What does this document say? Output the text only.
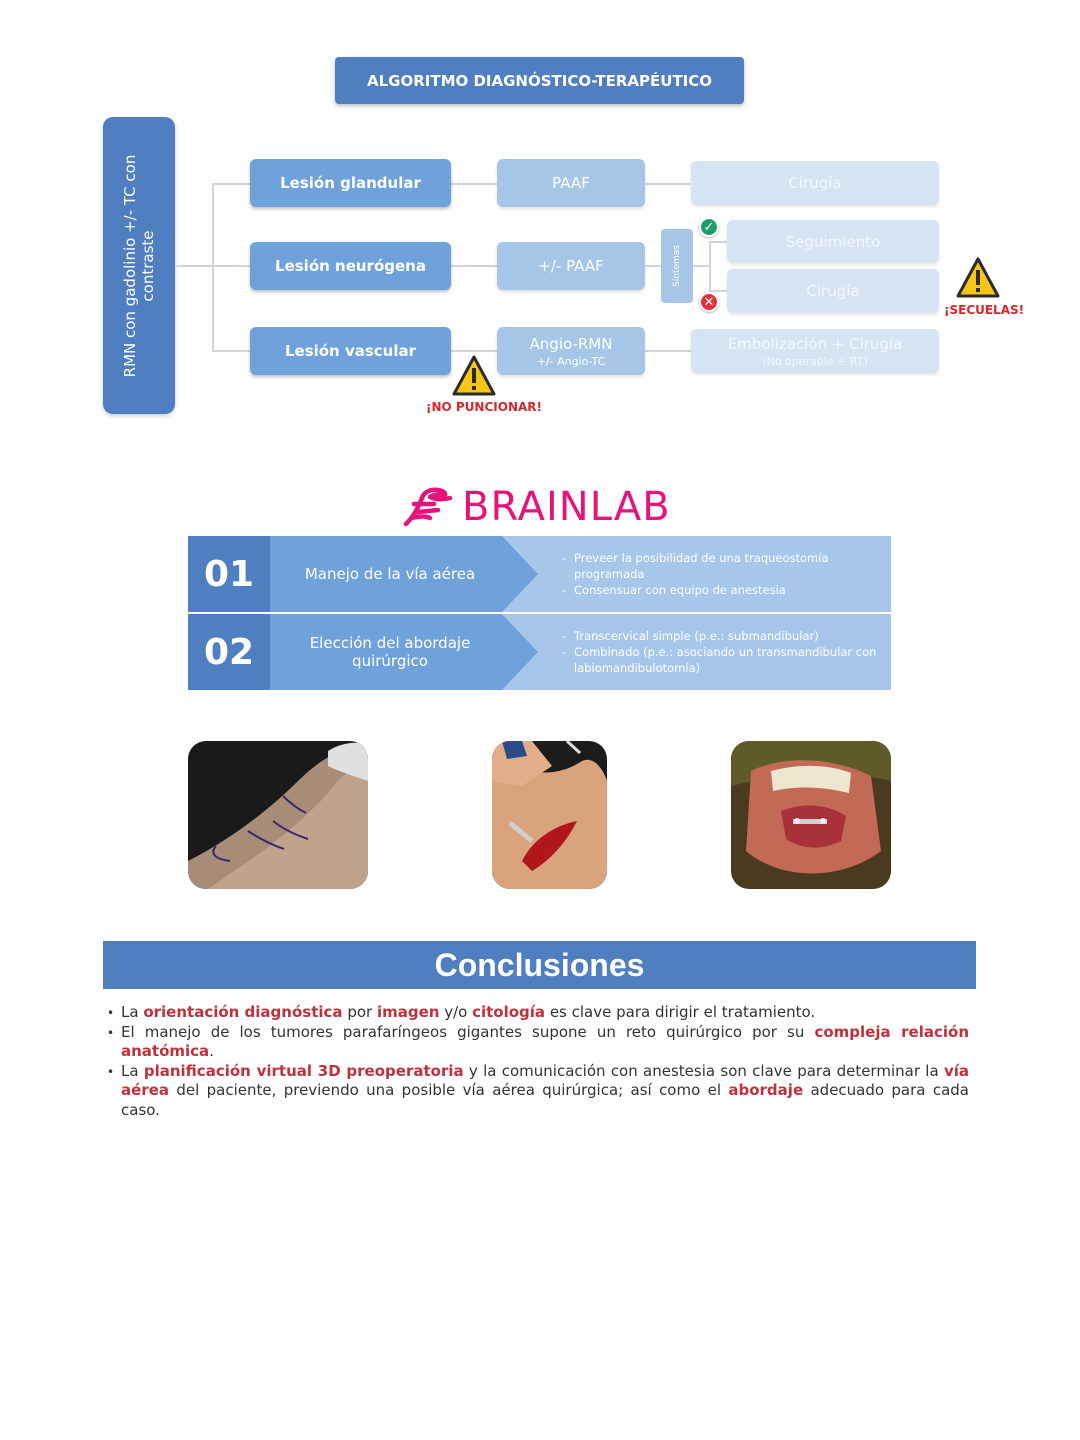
ALGORITMO DIAGNÓSTICO-TERAPÉUTICO
RMN con gadolinio +/- TC con contraste
Lesión glandular
Lesión neurógena
Lesión vascular
PAAF
+/- PAAF
Angio-RMN
+/- Angio-TC
Cirugía
Síntomas
Seguimiento
Cirugía
Embolización + Cirugía
(No operable + RT)
✓
✕
¡SECUELAS!
¡NO PUNCIONAR!
BRAINLAB
01	Manejo de la vía aérea
- Preveer la posibilidad de una traqueostomía programada
- Consensuar con equipo de anestesia
02	Elección del abordaje quirúrgico
- Transcervical simple (p.e.: submandibular)
- Combinado (p.e.: asociando un transmandibular con labiomandibulotomía)
Conclusiones

• La orientación diagnóstica por imagen y/o citología es clave para dirigir el tratamiento.

• El manejo de los tumores parafaríngeos gigantes supone un reto quirúrgico por su compleja relación anatómica.

• La planificación virtual 3D preoperatoria y la comunicación con anestesia son clave para determinar la vía aérea del paciente, previendo una posible vía aérea quirúrgica; así como el abordaje adecuado para cada caso.
